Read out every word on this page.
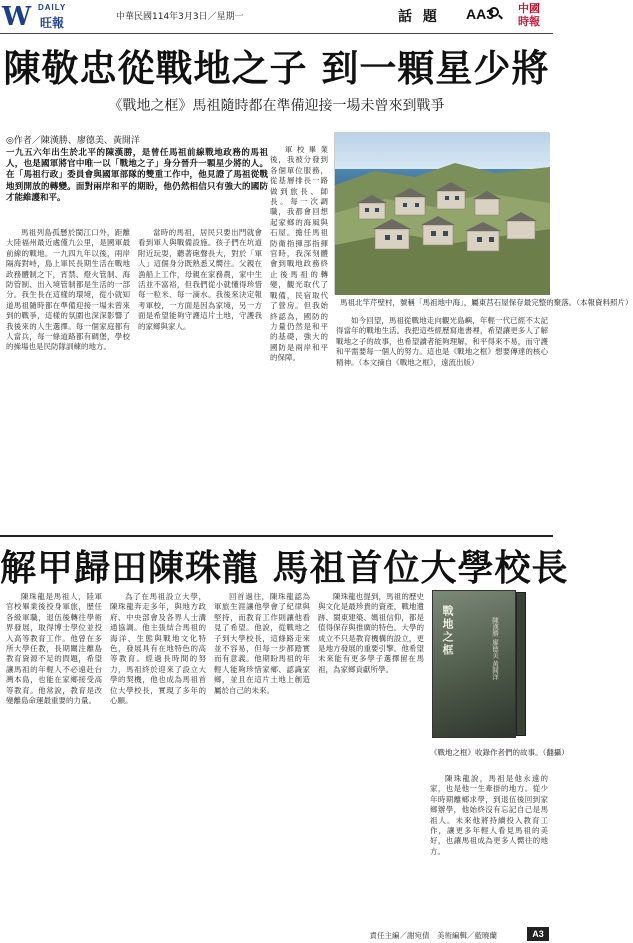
W DAILY
旺報	中華民國114年3月3日／星期一	話 題 AA3	中國
時報
陳敬忠從戰地之子 到一顆星少將
《戰地之框》馬祖隨時都在準備迎接一場未曾來到戰爭
◎作者／陳漢勝、廖德美、黃開洋
一九五六年出生於北平的陳漢勝，是曾任馬祖前線戰地政務的馬祖人，也是國軍將官中唯一以「戰地之子」身分晉升一顆星少將的人。在「馬祖行政」委員會與國軍部隊的雙重工作中，他見證了馬祖從戰地到開放的轉變。面對兩岸和平的期盼，他仍然相信只有強大的國防才能維護和平。
馬祖北竿芹壁村，號稱「馬祖地中海」，屬東莒石屋保存最完整的聚落。（本報資料照片）

馬祖列島孤懸於閩江口外，距離大陸福州最近處僅九公里，是國軍最前線的戰地。一九四九年以後，兩岸隔海對峙，島上軍民長期生活在戰地政務體制之下，宵禁、燈火管制、海防管制、出入境管制都是生活的一部分。我生長在這樣的環境，從小就知道馬祖隨時都在準備迎接一場未曾來到的戰爭，這樣的氛圍也深深影響了我後來的人生選擇。每一個家庭都有人當兵，每一條道路都有碉堡，學校的操場也是民防隊訓練的地方。

當時的馬祖，居民只要出門就會看到軍人與戰備設施。孩子們在坑道附近玩耍，聽著砲聲長大，對於「軍人」這個身分既熟悉又嚮往。父親在漁船上工作，母親在家務農，家中生活並不富裕，但我們從小就懂得珍惜每一粒米、每一滴水。我後來決定報考軍校，一方面是因為家境，另一方面是希望能夠守護這片土地，守護我的家鄉與家人。

軍校畢業後，我被分發到各個單位服務，從基層排長一路做到旅長、師長。每一次調職，我都會回想起家鄉的海風與石屋。擔任馬祖防衛指揮部指揮官時，我深刻體會到戰地政務終止後馬祖的轉變，觀光取代了戰備，民宿取代了營房。但我始終認為，國防的力量仍然是和平的基礎，強大的國防是兩岸和平的保障。

如今回望，馬祖從戰地走向觀光島嶼，年輕一代已經不太記得當年的戰地生活。我把這些經歷寫進書裡，希望讓更多人了解戰地之子的故事，也希望讀者能夠理解，和平得來不易，而守護和平需要每一個人的努力。這也是《戰地之框》想要傳達的核心精神。（本文摘自《戰地之框》，遠流出版）

解甲歸田陳珠龍 馬祖首位大學校長

陳珠龍是馬祖人，陸軍官校畢業後投身軍旅，歷任各級軍職，退伍後轉往學術界發展，取得博士學位並投入高等教育工作。他曾在多所大學任教，長期關注離島教育資源不足的問題，希望讓馬祖的年輕人不必遠赴台灣本島，也能在家鄉接受高等教育。他常說，教育是改變離島命運最重要的力量。

為了在馬祖設立大學，陳珠龍奔走多年，與地方政府、中央部會及各界人士溝通協調。他主張結合馬祖的海洋、生態與戰地文化特色，發展具有在地特色的高等教育。經過長時間的努力，馬祖終於迎來了設立大學的契機，他也成為馬祖首位大學校長，實現了多年的心願。

回首過往，陳珠龍認為軍旅生涯讓他學會了紀律與堅持，而教育工作則讓他看見了希望。他說，從戰地之子到大學校長，這條路走來並不容易，但每一步都踏實而有意義。他期盼馬祖的年輕人能夠珍惜家鄉、認識家鄉，並且在這片土地上創造屬於自己的未來。

陳珠龍也提到，馬祖的歷史與文化是最珍貴的資產，戰地遺跡、閩東建築、媽祖信仰，都是值得保存與推廣的特色。大學的成立不只是教育機構的設立，更是地方發展的重要引擎。他希望未來能有更多學子選擇留在馬祖，為家鄉貢獻所學。

陳珠龍說，馬祖是他永遠的家，也是他一生牽掛的地方。從少年時期離鄉求學，到退伍後回到家鄉辦學，他始終沒有忘記自己是馬祖人。未來他將持續投入教育工作，讓更多年輕人看見馬祖的美好，也讓馬祖成為更多人嚮往的地方。

戰地之框	陳漢勝 廖德美 黃開洋
《戰地之框》收錄作者們的故事。（翻攝）
責任主編／謝宛倩　美術編輯／藍曉蘭	A3
